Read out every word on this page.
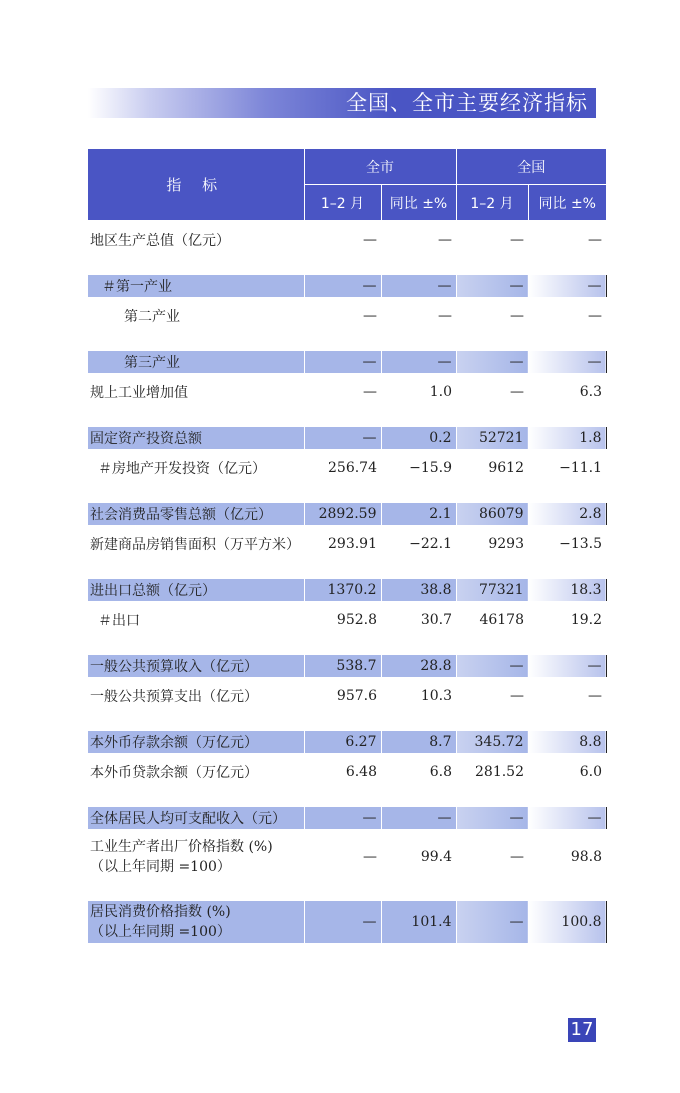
全国、全市主要经济指标
指 标	全市		全国	
	1–2 月	同比 ±%	1–2 月	同比 ±%
地区生产总值（亿元）	—	—	—	—

＃第一产业	—	—	—	—
第二产业	—	—	—	—

第三产业	—	—	—	—
规上工业增加值	—	1.0	—	6.3

固定资产投资总额	—	0.2	52721	1.8
＃房地产开发投资（亿元）	256.74	−15.9	9612	−11.1

社会消费品零售总额（亿元）	2892.59	2.1	86079	2.8
新建商品房销售面积（万平方米）	293.91	−22.1	9293	−13.5

进出口总额（亿元）	1370.2	38.8	77321	18.3
＃出口	952.8	30.7	46178	19.2

一般公共预算收入（亿元）	538.7	28.8	—	—
一般公共预算支出（亿元）	957.6	10.3	—	—

本外币存款余额（万亿元）	6.27	8.7	345.72	8.8
本外币贷款余额（万亿元）	6.48	6.8	281.52	6.0

全体居民人均可支配收入（元）	—	—	—	—

工业生产者出厂价格指数 (%)
（以上年同期 =100）	—	99.4	—	98.8

居民消费价格指数 (%)
（以上年同期 =100）	—	101.4	—	100.8
17
